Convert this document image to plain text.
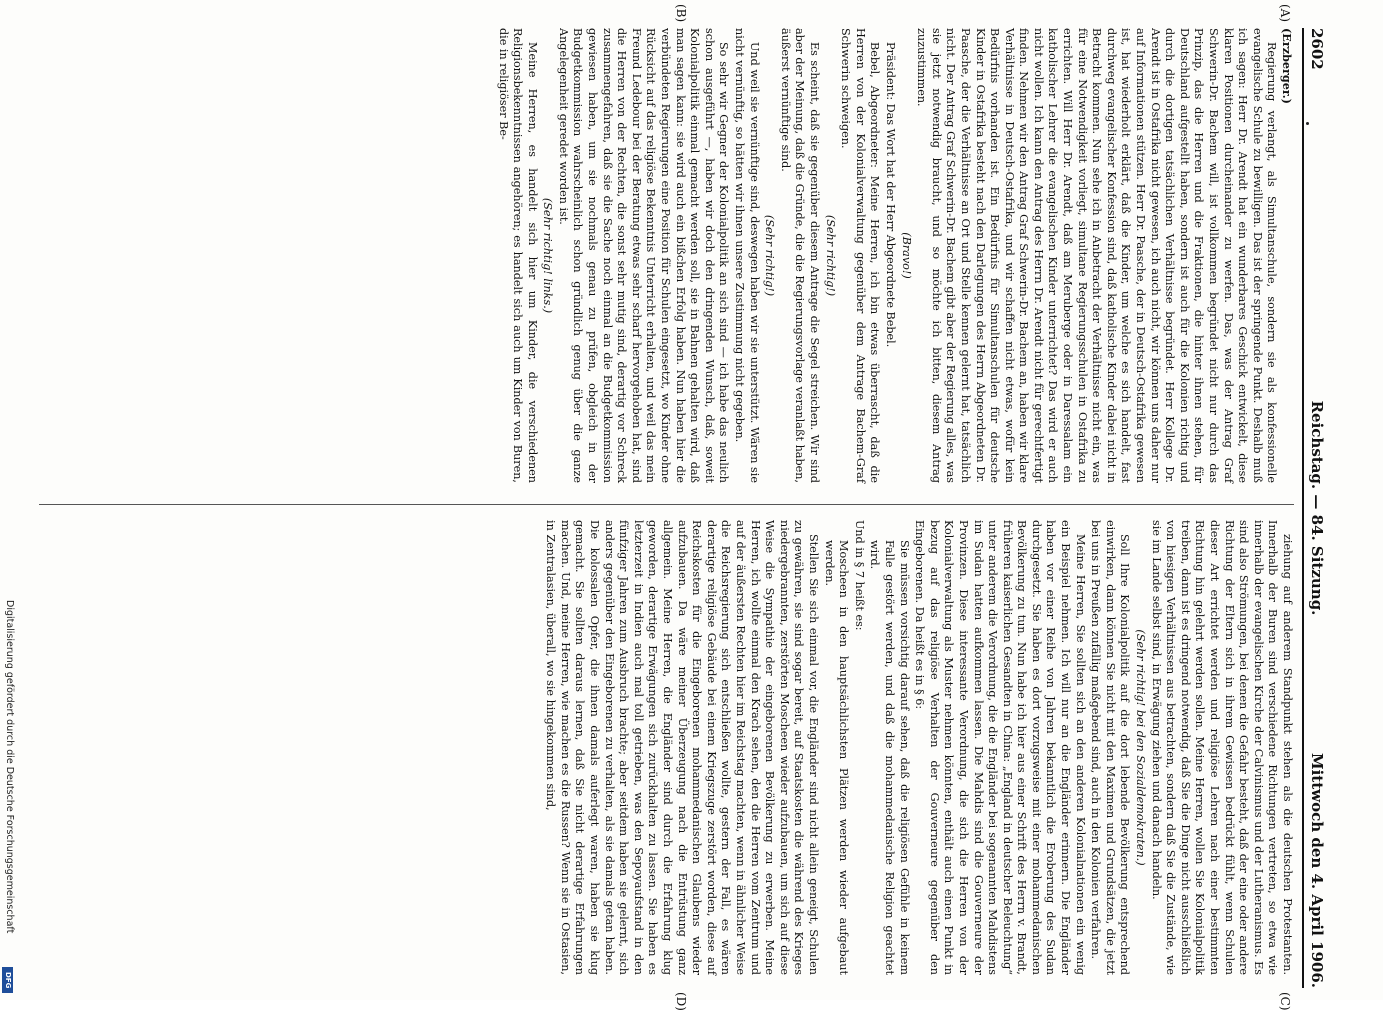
2602
Reichstag. — 84. Sitzung.
Mittwoch den 4. April 1906.
(A)
(B)
(C)
(D)

(Erzberger.)

Regierung verlangt, als Simultanschule, sondern sie als konfessionelle evangelische Schule zu bewilligen. Das ist der springende Punkt. Deshalb muß ich sagen: Herr Dr. Arendt hat ein wunderbares Geschick entwickelt, diese klaren Positionen durcheinander zu werfen. Das, was der Antrag Graf Schwerin-Dr. Bachem will, ist vollkommen begründet nicht nur durch das Prinzip, das die Herren und die Fraktionen, die hinter ihnen stehen, für Deutschland aufgestellt haben, sondern ist auch für die Kolonien richtig und durch die dortigen tatsächlichen Verhältnisse begründet. Herr Kollege Dr. Arendt ist in Ostafrika nicht gewesen, ich auch nicht, wir können uns daher nur auf Informationen stützen. Herr Dr. Paasche, der in Deutsch-Ostafrika gewesen ist, hat wiederholt erklärt, daß die Kinder, um welche es sich handelt, fast durchweg evangelischer Konfession sind, daß katholische Kinder dabei nicht in Betracht kommen. Nun sehe ich in Anbetracht der Verhältnisse nicht ein, was für eine Notwendigkeit vorliegt, simultane Regierungsschulen in Ostafrika zu errichten. Will Herr Dr. Arendt, daß am Meruberge oder in Daressalam ein katholischer Lehrer die evangelischen Kinder unterrichtet? Das wird er auch nicht wollen. Ich kann den Antrag des Herrn Dr. Arendt nicht für gerechtfertigt finden. Nehmen wir den Antrag Graf Schwerin-Dr. Bachem an, haben wir klare Verhältnisse in Deutsch-Ostafrika, und wir schaffen nicht etwas, wofür kein Bedürfnis vorhanden ist. Ein Bedürfnis für Simultanschulen für deutsche Kinder in Ostafrika besteht nach den Darlegungen des Herrn Abgeordneten Dr. Paasche, der die Verhältnisse an Ort und Stelle kennen gelernt hat, tatsächlich nicht. Der Antrag Graf Schwerin-Dr. Bachem gibt aber der Regierung alles, was sie jetzt notwendig braucht, und so möchte ich bitten, diesem Antrag zuzustimmen.

(Bravo!)

Präsident: Das Wort hat der Herr Abgeordnete Bebel.

Bebel, Abgeordneter: Meine Herren, ich bin etwas überrascht, daß die Herren von der Kolonialverwaltung gegenüber dem Antrage Bachem-Graf Schwerin schweigen.

(Sehr richtig!)

Es scheint, daß sie gegenüber diesem Antrage die Segel streichen. Wir sind aber der Meinung, daß die Gründe, die die Regierungsvorlage veranlaßt haben, äußerst vernünftige sind.

(Sehr richtig!)

Und weil sie vernünftige sind, deswegen haben wir sie unterstützt. Wären sie nicht vernünftig, so hätten wir ihnen unsere Zustimmung nicht gegeben.

So sehr wir Gegner der Kolonialpolitik an sich sind — ich habe das neulich schon ausgeführt —, haben wir doch den dringenden Wunsch, daß, soweit Kolonialpolitik einmal gemacht werden soll, sie in Bahnen gehalten wird, daß man sagen kann: sie wird auch ein bißchen Erfolg haben. Nun haben hier die verbündeten Regierungen eine Position für Schulen eingesetzt, wo Kinder ohne Rücksicht auf das religiöse Bekenntnis Unterricht erhalten, und weil das mein Freund Ledebour bei der Beratung etwas sehr scharf hervorgehoben hat, sind die Herren von der Rechten, die sonst sehr mutig sind, derartig vor Schreck zusammengefahren, daß sie die Sache noch einmal an die Budgetkommission gewiesen haben, um sie nochmals genau zu prüfen, obgleich in der Budgetkommission wahrscheinlich schon gründlich genug über die ganze Angelegenheit geredet worden ist.

(Sehr richtig! links.)

Meine Herren, es handelt sich hier um Kinder, die verschiedenen Religionsbekenntnissen angehören; es handelt sich auch um Kinder von Buren, die in religiöser Be-

ziehung auf anderem Standpunkt stehen als die deutschen Protestanten. Innerhalb der Buren sind verschiedene Richtungen vertreten, so etwa wie innerhalb der evangelischen Kirche der Calvinismus und der Lutheranismus. Es sind also Strömungen, bei denen die Gefahr besteht, daß der eine oder andere Richtung der Eltern sich in ihrem Gewissen bedrückt fühlt, wenn Schulen dieser Art errichtet werden und religiöse Lehren nach einer bestimmten Richtung hin gelehrt werden sollen. Meine Herren, wollen Sie Kolonialpolitik treiben, dann ist es dringend notwendig, daß Sie die Dinge nicht ausschließlich von hiesigen Verhältnissen aus betrachten, sondern daß Sie die Zustände, wie sie im Lande selbst sind, in Erwägung ziehen und danach handeln.

(Sehr richtig! bei den Sozialdemokraten.)

Soll Ihre Kolonialpolitik auf die dort lebende Bevölkerung entsprechend einwirken, dann können Sie nicht mit den Maximen und Grundsätzen, die jetzt bei uns in Preußen zufällig maßgebend sind, auch in den Kolonien verfahren.

Meine Herren, Sie sollten sich an den anderen Kolonialnationen ein wenig ein Beispiel nehmen. Ich will nur an die Engländer erinnern. Die Engländer haben vor einer Reihe von Jahren bekanntlich die Eroberung des Sudan durchgesetzt. Sie haben es dort vorzugsweise mit einer mohammedanischen Bevölkerung zu tun. Nun habe ich hier aus einer Schrift des Herrn v. Brandt, früheren kaiserlichen Gesandten in China: „England in deutscher Beleuchtung“ unter anderem die Verordnung, die die Engländer bei sogenannten Mahdistens im Sudan hatten aufkommen lassen. Die Mahdis sind die Gouverneure der Provinzen. Diese interessante Verordnung, die sich die Herren von der Kolonialverwaltung als Muster nehmen könnten, enthält auch einen Punkt in bezug auf das religiöse Verhalten der Gouverneure gegenüber den Eingeborenen. Da heißt es in § 6:

Sie müssen vorsichtig darauf sehen, daß die religiösen Gefühle in keinem Falle gestört werden, und daß die mohammedanische Religion geachtet wird.

Und in § 7 heißt es:

Moscheen in den hauptsächlichsten Plätzen werden wieder aufgebaut werden.

Stellen Sie sich einmal vor, die Engländer sind nicht allein geneigt, Schulen zu gewähren, sie sind sogar bereit, auf Staatskosten die während des Krieges niedergebrannten, zerstörten Moscheen wieder aufzubauen, um sich auf diese Weise die Sympathie der eingeborenen Bevölkerung zu erwerben. Meine Herren, ich wollte einmal den Krach sehen, den die Herren vom Zentrum und auf der äußersten Rechten hier im Reichstag machten, wenn in ähnlicher Weise die Reichsregierung sich entschließen wollte, gestern der Fall, es wären derartige religiöse Gebäude bei einem Kriegszuge zerstört worden, diese auf Reichskosten für die Eingeborenen mohammedanischen Glaubens wieder aufzubauen. Da wäre meiner Überzeugung nach die Entrüstung ganz allgemein. Meine Herren, die Engländer sind durch die Erfahrung klug geworden, derartige Erwägungen sich zurückhalten zu lassen. Sie haben es letzterzeit in Indien auch mal toll getrieben, was den Sepoyaufstand in den fünfziger Jahren zum Ausbruch brachte; aber seitdem haben sie gelernt, sich anders gegenüber den Eingeborenen zu verhalten, als sie damals getan haben. Die kolossalen Opfer, die ihnen damals auferlegt waren, haben sie klug gemacht. Sie sollten daraus lernen, daß Sie nicht derartige Erfahrungen machen. Und, meine Herren, wie machen es die Russen? Wenn sie in Ostasien, in Zentralasien, überall, wo sie hingekommen sind,

Digitalisierung gefördert durch die Deutsche Forschungsgemeinschaft
DFG
